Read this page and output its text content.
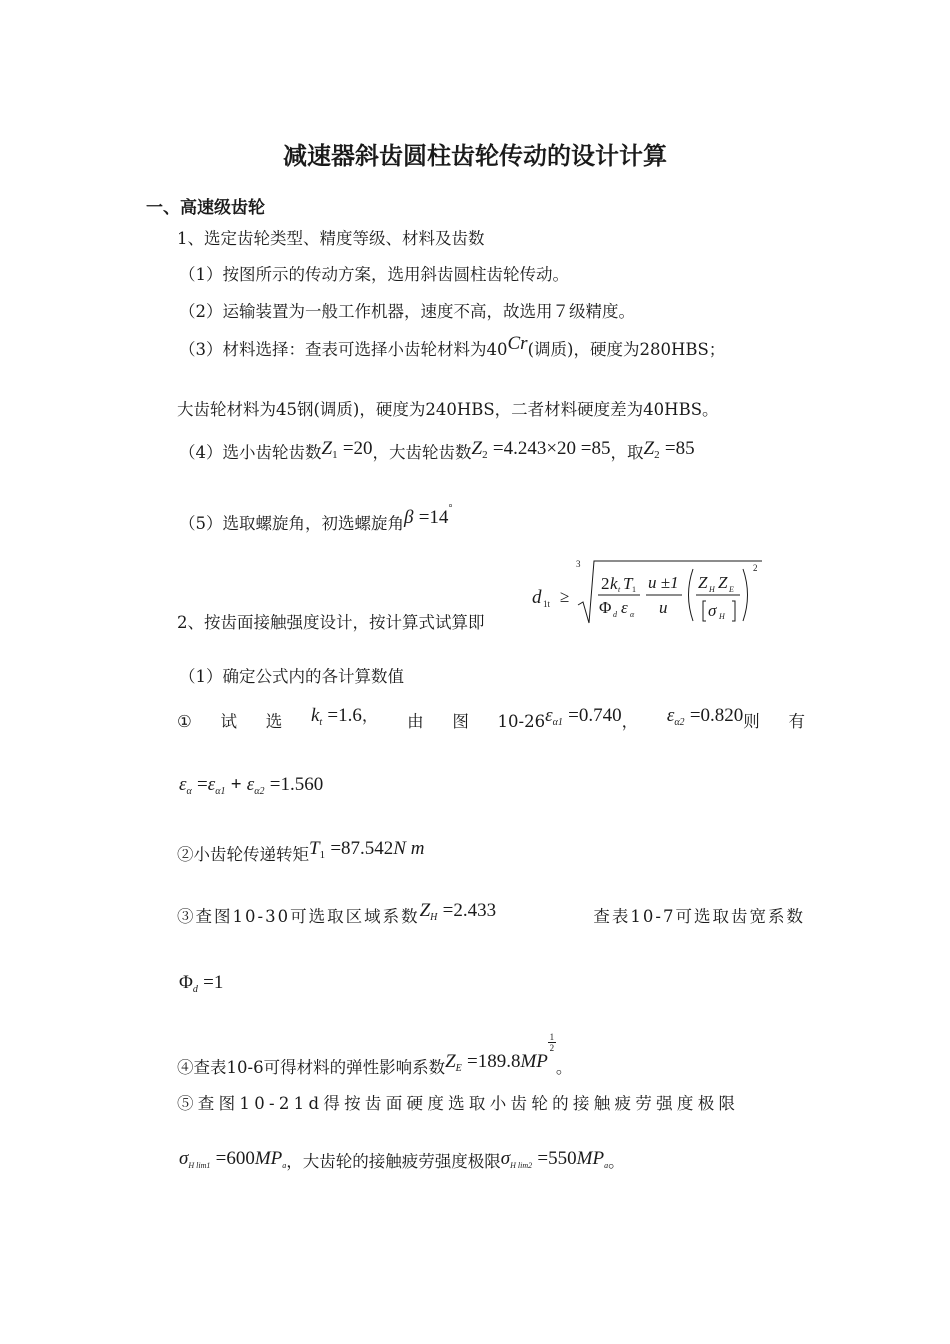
减速器斜齿圆柱齿轮传动的设计计算
一、高速级齿轮
1、选定齿轮类型、精度等级、材料及齿数
（1）按图所示的传动方案，选用斜齿圆柱齿轮传动。
（2）运输装置为一般工作机器，速度不高，故选用７级精度。
（3）材料选择：查表可选择小齿轮材料为40Cr(调质)，硬度为280HBS；
大齿轮材料为45钢(调质)，硬度为240HBS，二者材料硬度差为40HBS。
（4）选小齿轮齿数$Z_1 =20$，大齿轮齿数$Z_2 =4.243\times 20 =85$，取$Z_2 =85$
（5）选取螺旋角，初选螺旋角β =14°
2、按齿面接触强度设计，按计算式试算即
d 1t ≥
3
2 k t T 1
Φ d ε α
u ±1
u
Z H Z E
σ H
2
（1）确定公式内的各计算数值
① 试 选 $k_t =1.6$， 由 图 $10-26\varepsilon_{\alpha 1} =0.740$， $\varepsilon_{\alpha 2} =0.820$则 有
$\varepsilon_\alpha =\varepsilon_{\alpha 1} + \varepsilon_{\alpha 2} =1.560$
②小齿轮传递转矩$T_1 =87.542N$ m
③查图10-30可选取区域系数$Z_H =2.433$	查表10-7可选取齿宽系数
$\Phi_d =1$
④查表10-6可得材料的弹性影响系数$Z_E =189.8MP$
$\frac{1}{2}$
。
⑤查图10-21d得按齿面硬度选取小齿轮的接触疲劳强度极限
$\sigma_{H lim1} =600MP_a$，大齿轮的接触疲劳强度极限$\sigma_{H lim2} =550MP_a$。
